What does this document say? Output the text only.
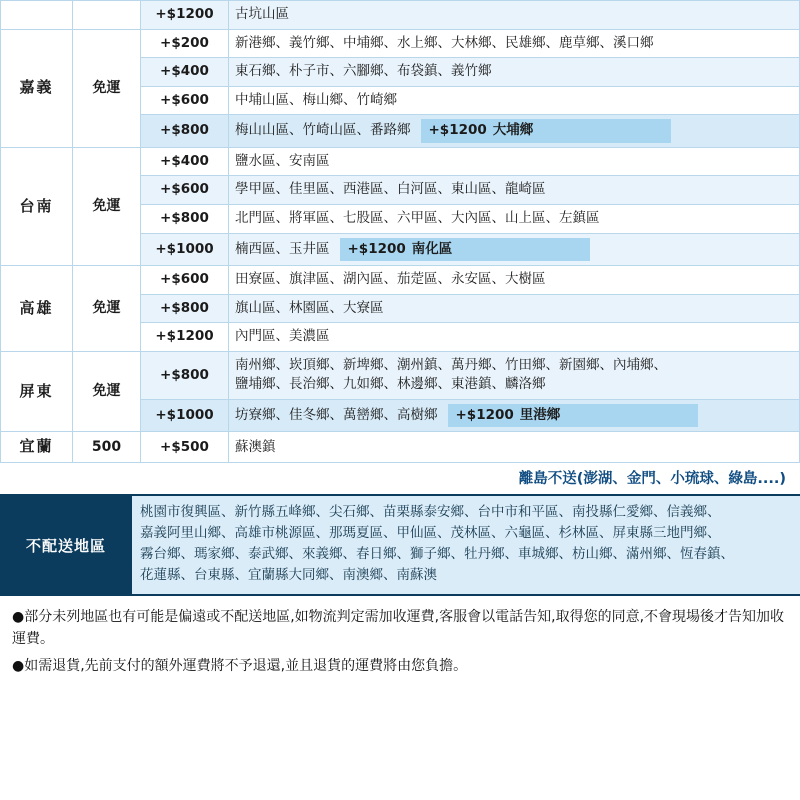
		+$1200	古坑山區
嘉義	免運	+$200	新港鄉、義竹鄉、中埔鄉、水上鄉、大林鄉、民雄鄉、鹿草鄉、溪口鄉
		+$400	東石鄉、朴子市、六腳鄉、布袋鎮、義竹鄉
		+$600	中埔山區、梅山鄉、竹崎鄉
		+$800	梅山山區、竹崎山區、番路鄉 +$1200 大埔鄉
台南	免運	+$400	鹽水區、安南區
		+$600	學甲區、佳里區、西港區、白河區、東山區、龍崎區
		+$800	北門區、將軍區、七股區、六甲區、大內區、山上區、左鎮區
		+$1000	楠西區、玉井區 +$1200 南化區
高雄	免運	+$600	田寮區、旗津區、湖內區、茄萣區、永安區、大樹區
		+$800	旗山區、林園區、大寮區
		+$1200	內門區、美濃區
屏東	免運	+$800	南州鄉、崁頂鄉、新埤鄉、潮州鎮、萬丹鄉、竹田鄉、新園鄉、內埔鄉、
鹽埔鄉、長治鄉、九如鄉、林邊鄉、東港鎮、麟洛鄉
		+$1000	坊寮鄉、佳冬鄉、萬巒鄉、高樹鄉 +$1200 里港鄉
宜蘭	500	+$500	蘇澳鎮
離島不送(澎湖、金門、小琉球、綠島....)
不配送地區
桃園市復興區、新竹縣五峰鄉、尖石鄉、苗栗縣泰安鄉、台中市和平區、南投縣仁愛鄉、信義鄉、
嘉義阿里山鄉、高雄市桃源區、那瑪夏區、甲仙區、茂林區、六龜區、杉林區、屏東縣三地門鄉、
霧台鄉、瑪家鄉、泰武鄉、來義鄉、春日鄉、獅子鄉、牡丹鄉、車城鄉、枋山鄉、滿州鄉、恆春鎮、
花蓮縣、台東縣、宜蘭縣大同鄉、南澳鄉、南蘇澳

●部分未列地區也有可能是偏遠或不配送地區,如物流判定需加收運費,客服會以電話告知,取得您的同意,不會現場後才告知加收運費。

●如需退貨,先前支付的額外運費將不予退還,並且退貨的運費將由您負擔。
